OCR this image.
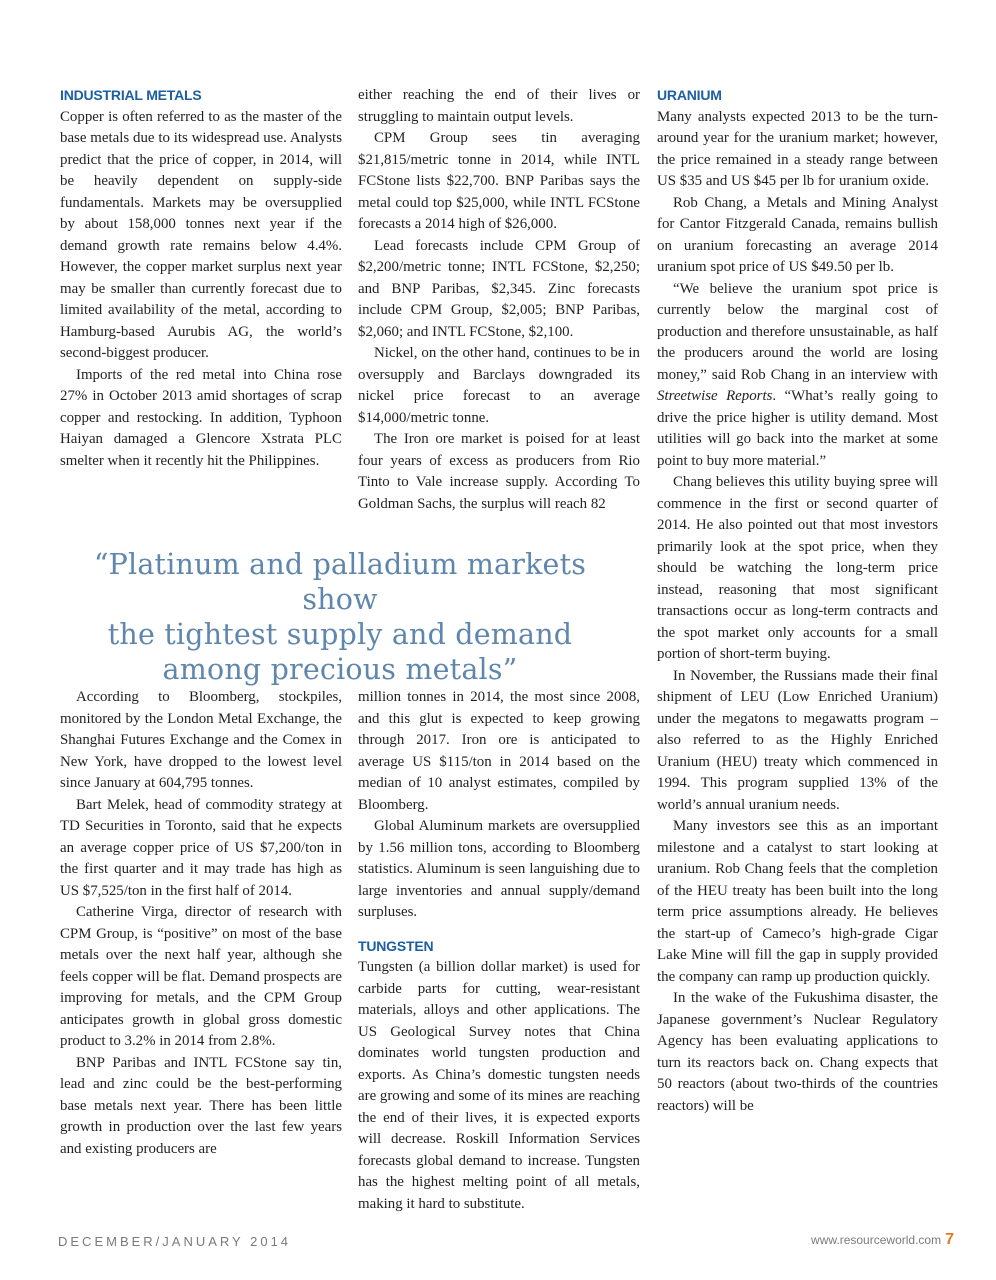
INDUSTRIAL METALS

Copper is often referred to as the master of the base metals due to its widespread use. Analysts predict that the price of copper, in 2014, will be heavily dependent on supply-side fundamentals. Markets may be oversupplied by about 158,000 tonnes next year if the demand growth rate remains below 4.4%. However, the copper market surplus next year may be smaller than currently forecast due to limited availability of the metal, according to Hamburg-based Aurubis AG, the world’s second-biggest producer.

Imports of the red metal into China rose 27% in October 2013 amid shortages of scrap copper and restocking. In addition, Typhoon Haiyan damaged a Glencore Xstrata PLC smelter when it recently hit the Philippines.

either reaching the end of their lives or struggling to maintain output levels.

CPM Group sees tin averaging $21,815/metric tonne in 2014, while INTL FCStone lists $22,700. BNP Paribas says the metal could top $25,000, while INTL FCStone forecasts a 2014 high of $26,000.

Lead forecasts include CPM Group of $2,200/metric tonne; INTL FCStone, $2,250; and BNP Paribas, $2,345. Zinc forecasts include CPM Group, $2,005; BNP Paribas, $2,060; and INTL FCStone, $2,100.

Nickel, on the other hand, continues to be in oversupply and Barclays downgraded its nickel price forecast to an average $14,000/metric tonne.

The Iron ore market is poised for at least four years of excess as producers from Rio Tinto to Vale increase supply. According To Goldman Sachs, the surplus will reach 82

“Platinum and palladium markets show
the tightest supply and demand
among precious metals”

According to Bloomberg, stockpiles, monitored by the London Metal Exchange, the Shanghai Futures Exchange and the Comex in New York, have dropped to the lowest level since January at 604,795 tonnes.

Bart Melek, head of commodity strategy at TD Securities in Toronto, said that he expects an average copper price of US $7,200/ton in the first quarter and it may trade has high as US $7,525/ton in the first half of 2014.

Catherine Virga, director of research with CPM Group, is “positive” on most of the base metals over the next half year, although she feels copper will be flat. Demand prospects are improving for metals, and the CPM Group anticipates growth in global gross domestic product to 3.2% in 2014 from 2.8%.

BNP Paribas and INTL FCStone say tin, lead and zinc could be the best-performing base metals next year. There has been little growth in production over the last few years and existing producers are

million tonnes in 2014, the most since 2008, and this glut is expected to keep growing through 2017. Iron ore is anticipated to average US $115/ton in 2014 based on the median of 10 analyst estimates, compiled by Bloomberg.

Global Aluminum markets are oversupplied by 1.56 million tons, according to Bloomberg statistics. Aluminum is seen languishing due to large inventories and annual supply/demand surpluses.

TUNGSTEN

Tungsten (a billion dollar market) is used for carbide parts for cutting, wear-resistant materials, alloys and other applications. The US Geological Survey notes that China dominates world tungsten production and exports. As China’s domestic tungsten needs are growing and some of its mines are reaching the end of their lives, it is expected exports will decrease. Roskill Information Services forecasts global demand to increase. Tungsten has the highest melting point of all metals, making it hard to substitute.

URANIUM

Many analysts expected 2013 to be the turn-around year for the uranium market; however, the price remained in a steady range between US $35 and US $45 per lb for uranium oxide.

Rob Chang, a Metals and Mining Analyst for Cantor Fitzgerald Canada, remains bullish on uranium forecasting an average 2014 uranium spot price of US $49.50 per lb.

“We believe the uranium spot price is currently below the marginal cost of production and therefore unsustainable, as half the producers around the world are losing money,” said Rob Chang in an interview with Streetwise Reports. “What’s really going to drive the price higher is utility demand. Most utilities will go back into the market at some point to buy more material.”

Chang believes this utility buying spree will commence in the first or second quarter of 2014. He also pointed out that most investors primarily look at the spot price, when they should be watching the long-term price instead, reasoning that most significant transactions occur as long-term contracts and the spot market only accounts for a small portion of short-term buying.

In November, the Russians made their final shipment of LEU (Low Enriched Uranium) under the megatons to megawatts program – also referred to as the Highly Enriched Uranium (HEU) treaty which commenced in 1994. This program supplied 13% of the world’s annual uranium needs.

Many investors see this as an important milestone and a catalyst to start looking at uranium. Rob Chang feels that the completion of the HEU treaty has been built into the long term price assumptions already. He believes the start-up of Cameco’s high-grade Cigar Lake Mine will fill the gap in supply provided the company can ramp up production quickly.

In the wake of the Fukushima disaster, the Japanese government’s Nuclear Regulatory Agency has been evaluating applications to turn its reactors back on. Chang expects that 50 reactors (about two-thirds of the countries reactors) will be

DECEMBER/JANUARY 2014	www.resourceworld.com 7
